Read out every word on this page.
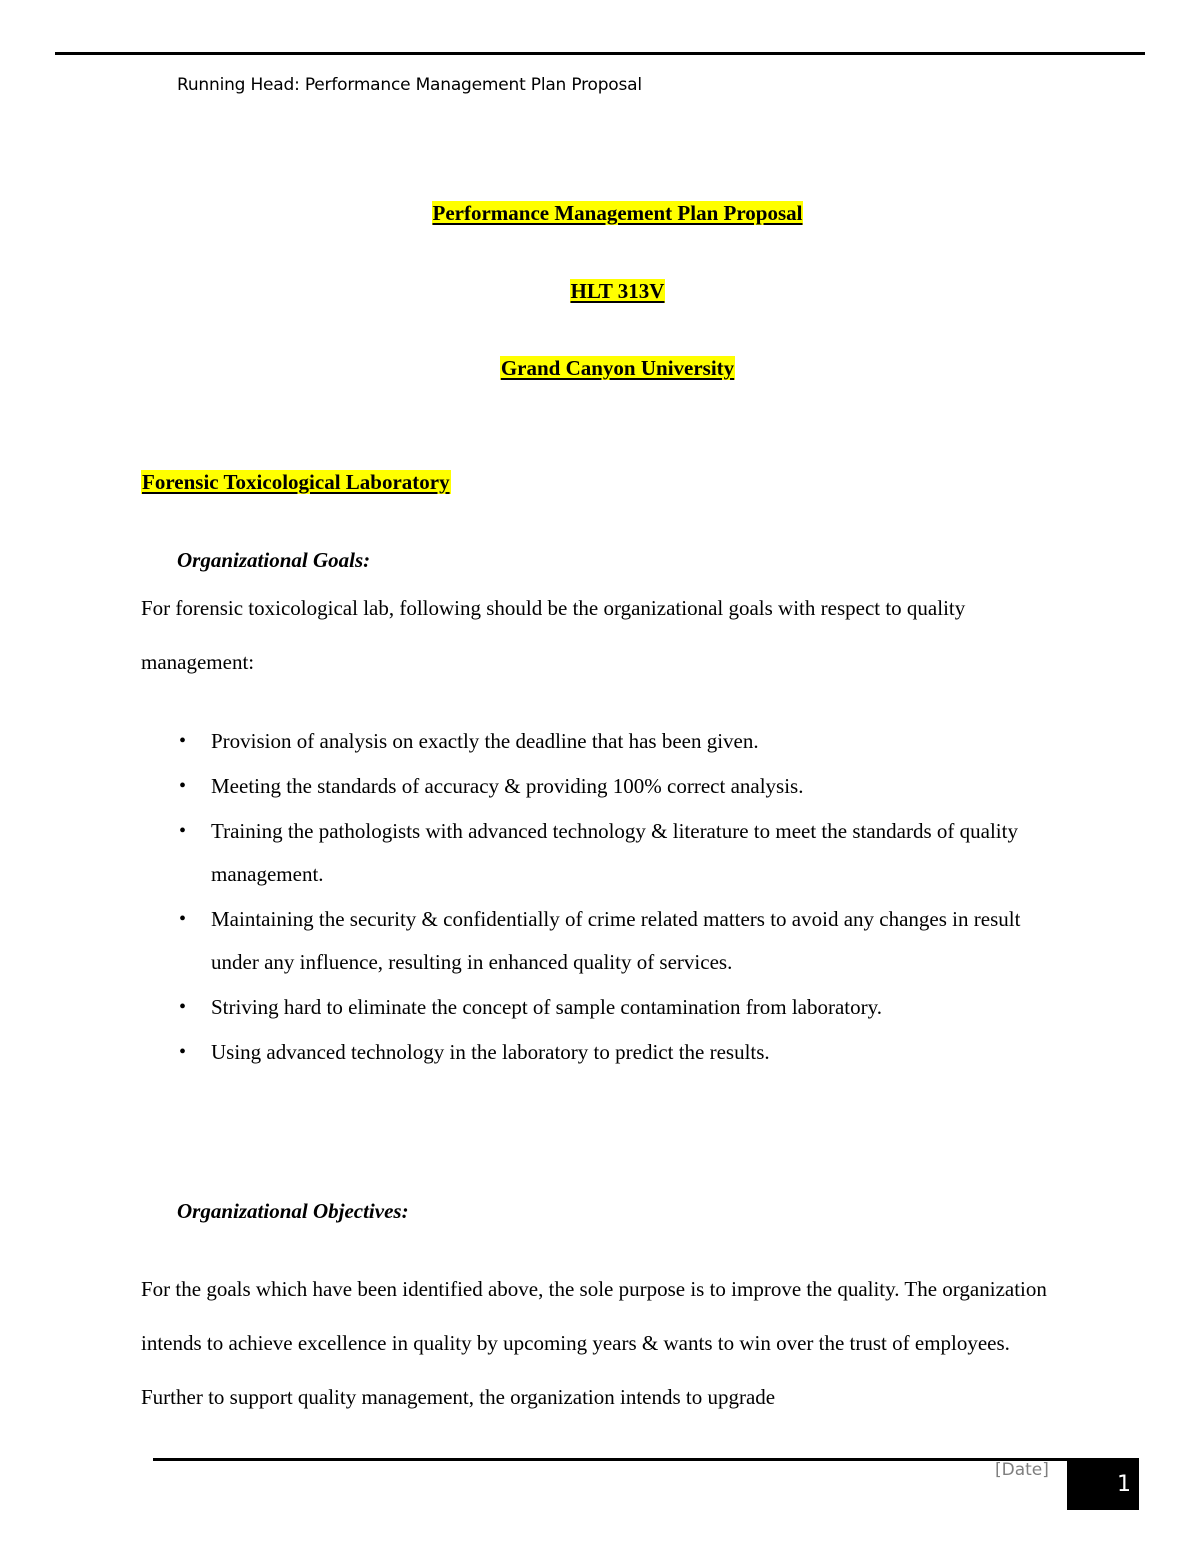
Running Head: Performance Management Plan Proposal
Performance Management Plan Proposal
HLT 313V
Grand Canyon University
Forensic Toxicological Laboratory
Organizational Goals:

For forensic toxicological lab, following should be the organizational goals with respect to quality management:

• Provision of analysis on exactly the deadline that has been given.
• Meeting the standards of accuracy & providing 100% correct analysis.
• Training the pathologists with advanced technology & literature to meet the standards of quality management.
• Maintaining the security & confidentially of crime related matters to avoid any changes in result under any influence, resulting in enhanced quality of services.
• Striving hard to eliminate the concept of sample contamination from laboratory.
• Using advanced technology in the laboratory to predict the results.
Organizational Objectives:

For the goals which have been identified above, the sole purpose is to improve the quality. The organization intends to achieve excellence in quality by upcoming years & wants to win over the trust of employees. Further to support quality management, the organization intends to upgrade

[Date]
1
